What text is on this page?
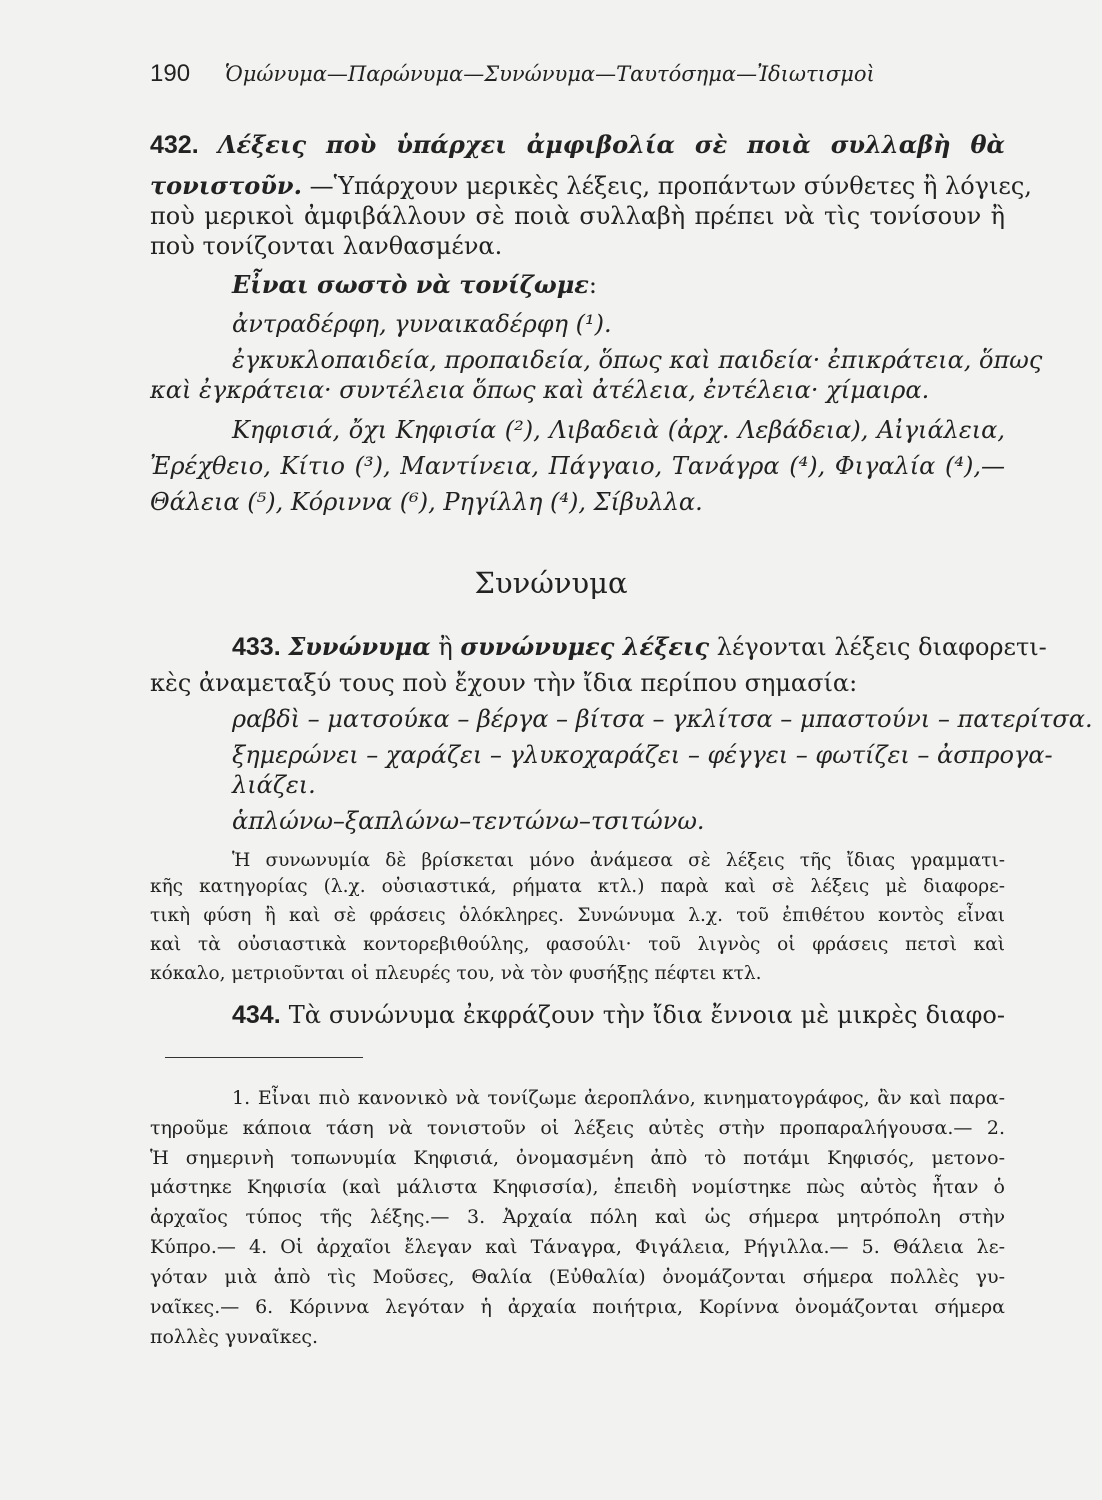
190 Ὁμώνυμα—Παρώνυμα—Συνώνυμα—Ταυτόσημα—Ἰδιωτισμοὶ
432. Λέξεις ποὺ ὑπάρχει ἀμφιβολία σὲ ποιὰ συλλαβὴ θὰ
τονιστοῦν. —Ὑπάρχουν μερικὲς λέξεις, προπάντων σύνθετες ἢ λόγιες,
ποὺ μερικοὶ ἀμφιβάλλουν σὲ ποιὰ συλλαβὴ πρέπει νὰ τὶς τονίσουν ἢ
ποὺ τονίζονται λανθασμένα.
Εἶναι σωστὸ νὰ τονίζωμε:
ἀντραδέρφη, γυναικαδέρφη (¹).
ἐγκυκλοπαιδεία, προπαιδεία, ὅπως καὶ παιδεία· ἐπικράτεια, ὅπως
καὶ ἐγκράτεια· συντέλεια ὅπως καὶ ἀτέλεια, ἐντέλεια· χίμαιρα.
Κηφισιά, ὄχι Κηφισία (²), Λιβαδειὰ (ἀρχ. Λεβάδεια), Αἰγιάλεια,
Ἐρέχθειο, Κίτιο (³), Μαντίνεια, Πάγγαιο, Τανάγρα (⁴), Φιγαλία (⁴),—
Θάλεια (⁵), Κόριννα (⁶), Ρηγίλλη (⁴), Σίβυλλα.
Συνώνυμα
433. Συνώνυμα ἢ συνώνυμες λέξεις λέγονται λέξεις διαφορετι-
κὲς ἀναμεταξύ τους ποὺ ἔχουν τὴν ἴδια περίπου σημασία:
ραβδὶ – ματσούκα – βέργα – βίτσα – γκλίτσα – μπαστούνι – πατερίτσα.
ξημερώνει – χαράζει – γλυκοχαράζει – φέγγει – φωτίζει – ἀσπρογα-
λιάζει.
ἁπλώνω–ξαπλώνω–τεντώνω–τσιτώνω.
Ἡ συνωνυμία δὲ βρίσκεται μόνο ἀνάμεσα σὲ λέξεις τῆς ἴδιας γραμματι-
κῆς κατηγορίας (λ.χ. οὐσιαστικά, ρήματα κτλ.) παρὰ καὶ σὲ λέξεις μὲ διαφορε-
τικὴ φύση ἢ καὶ σὲ φράσεις ὁλόκληρες. Συνώνυμα λ.χ. τοῦ ἐπιθέτου κοντὸς εἶναι
καὶ τὰ οὐσιαστικὰ κοντορεβιθούλης, φασούλι· τοῦ λιγνὸς οἱ φράσεις πετσὶ καὶ
κόκαλο, μετριοῦνται οἱ πλευρές του, νὰ τὸν φυσήξῃς πέφτει κτλ.
434. Τὰ συνώνυμα ἐκφράζουν τὴν ἴδια ἔννοια μὲ μικρὲς διαφο-
1. Εἶναι πιὸ κανονικὸ νὰ τονίζωμε ἀεροπλάνο, κινηματογράφος, ἂν καὶ παρα-
τηροῦμε κάποια τάση νὰ τονιστοῦν οἱ λέξεις αὐτὲς στὴν προπαραλήγουσα.— 2.
Ἡ σημερινὴ τοπωνυμία Κηφισιά, ὀνομασμένη ἀπὸ τὸ ποτάμι Κηφισός, μετονο-
μάστηκε Κηφισία (καὶ μάλιστα Κηφισσία), ἐπειδὴ νομίστηκε πὼς αὐτὸς ἦταν ὁ
ἀρχαῖος τύπος τῆς λέξης.— 3. Ἀρχαία πόλη καὶ ὡς σήμερα μητρόπολη στὴν
Κύπρο.— 4. Οἱ ἀρχαῖοι ἔλεγαν καὶ Τάναγρα, Φιγάλεια, Ρήγιλλα.— 5. Θάλεια λε-
γόταν μιὰ ἀπὸ τὶς Μοῦσες, Θαλία (Εὐθαλία) ὀνομάζονται σήμερα πολλὲς γυ-
ναῖκες.— 6. Κόριννα λεγόταν ἡ ἀρχαία ποιήτρια, Κορίννα ὀνομάζονται σήμερα
πολλὲς γυναῖκες.
